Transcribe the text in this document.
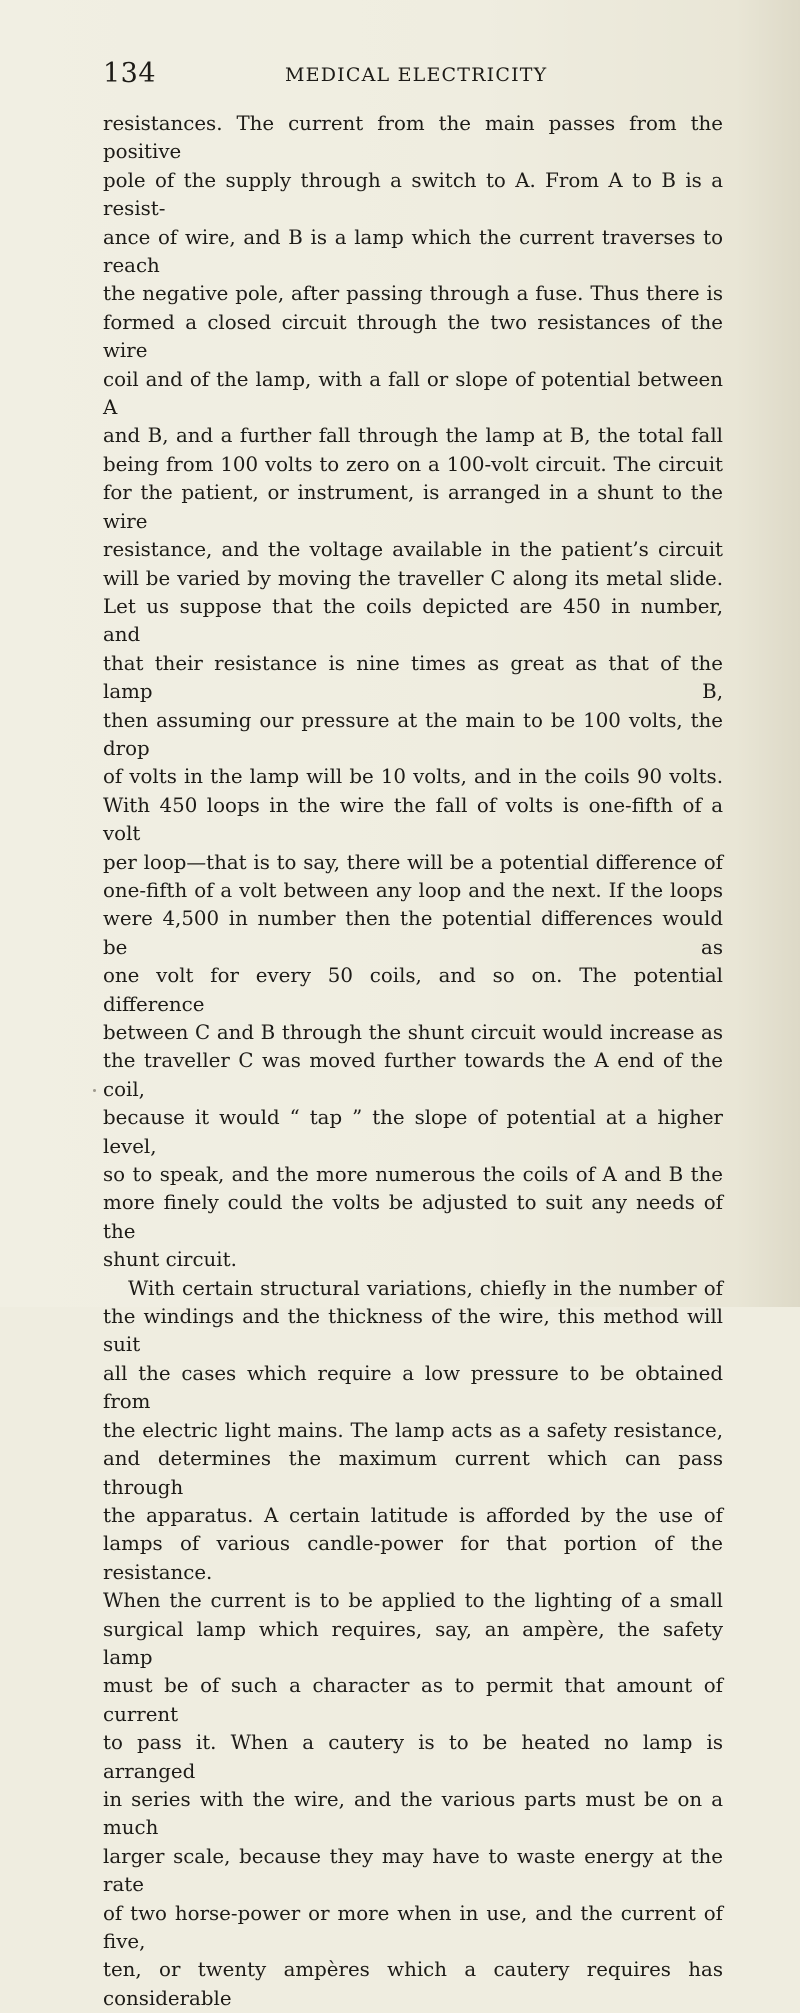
134	MEDICAL ELECTRICITY
resistances. The current from the main passes from the positive
pole of the supply through a switch to A. From A to B is a resist-
ance of wire, and B is a lamp which the current traverses to reach
the negative pole, after passing through a fuse. Thus there is
formed a closed circuit through the two resistances of the wire
coil and of the lamp, with a fall or slope of potential between A
and B, and a further fall through the lamp at B, the total fall
being from 100 volts to zero on a 100-volt circuit. The circuit
for the patient, or instrument, is arranged in a shunt to the wire
resistance, and the voltage available in the patient’s circuit
will be varied by moving the traveller C along its metal slide.
Let us suppose that the coils depicted are 450 in number, and
that their resistance is nine times as great as that of the lamp B,
then assuming our pressure at the main to be 100 volts, the drop
of volts in the lamp will be 10 volts, and in the coils 90 volts.
With 450 loops in the wire the fall of volts is one-fifth of a volt
per loop—that is to say, there will be a potential difference of
one-fifth of a volt between any loop and the next. If the loops
were 4,500 in number then the potential differences would be as
one volt for every 50 coils, and so on. The potential difference
between C and B through the shunt circuit would increase as
the traveller C was moved further towards the A end of the coil,
because it would “ tap ” the slope of potential at a higher level,
so to speak, and the more numerous the coils of A and B the
more finely could the volts be adjusted to suit any needs of the
shunt circuit.
With certain structural variations, chiefly in the number of
the windings and the thickness of the wire, this method will suit
all the cases which require a low pressure to be obtained from
the electric light mains. The lamp acts as a safety resistance,
and determines the maximum current which can pass through
the apparatus. A certain latitude is afforded by the use of
lamps of various candle-power for that portion of the resistance.
When the current is to be applied to the lighting of a small
surgical lamp which requires, say, an ampère, the safety lamp
must be of such a character as to permit that amount of current
to pass it. When a cautery is to be heated no lamp is arranged
in series with the wire, and the various parts must be on a much
larger scale, because they may have to waste energy at the rate
of two horse-power or more when in use, and the current of five,
ten, or twenty ampères which a cautery requires has considerable
